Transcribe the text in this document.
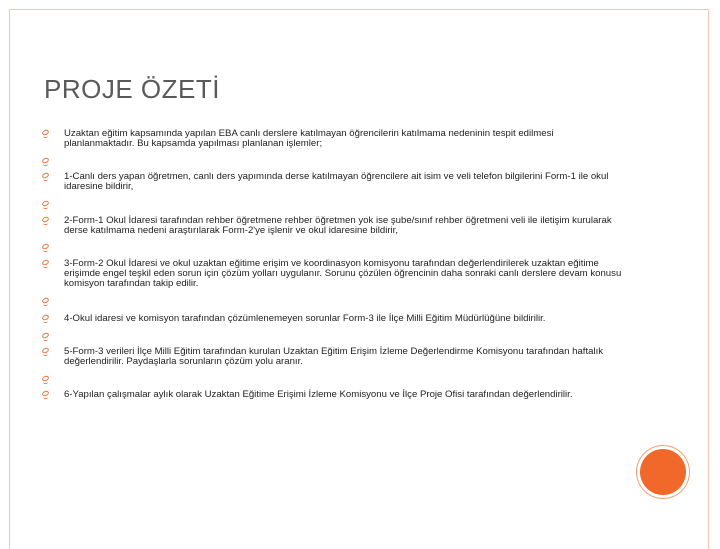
PROJE ÖZETİ
Uzaktan eğitim kapsamında yapılan EBA canlı derslere katılmayan öğrencilerin katılmama nedeninin tespit edilmesi planlanmaktadır. Bu kapsamda yapılması planlanan işlemler;
1-Canlı ders yapan öğretmen, canlı ders yapımında derse katılmayan öğrencilere ait isim ve veli telefon bilgilerini Form-1 ile okul idaresine bildirir,
2-Form-1 Okul İdaresi tarafından rehber öğretmene rehber öğretmen yok ise şube/sınıf rehber öğretmeni veli ile iletişim kurularak derse katılmama nedeni araştırılarak Form-2'ye işlenir ve okul idaresine bildirir,
3-Form-2 Okul İdaresi ve okul uzaktan eğitime erişim ve koordinasyon komisyonu tarafından değerlendirilerek uzaktan eğitime erişimde engel teşkil eden sorun için çözüm yolları uygulanır. Sorunu çözülen öğrencinin daha sonraki canlı derslere devam konusu komisyon tarafından takip edilir.
4-Okul idaresi ve komisyon tarafından çözümlenemeyen sorunlar Form-3 ile İlçe Milli Eğitim Müdürlüğüne bildirilir.
5-Form-3 verileri İlçe Milli Eğitim tarafından kurulan Uzaktan Eğitim Erişim İzleme Değerlendirme Komisyonu tarafından haftalık değerlendirilir. Paydaşlarla sorunların çözüm yolu aranır.
6-Yapılan çalışmalar aylık olarak Uzaktan Eğitime Erişimi İzleme Komisyonu ve İlçe Proje Ofisi tarafından değerlendirilir.
